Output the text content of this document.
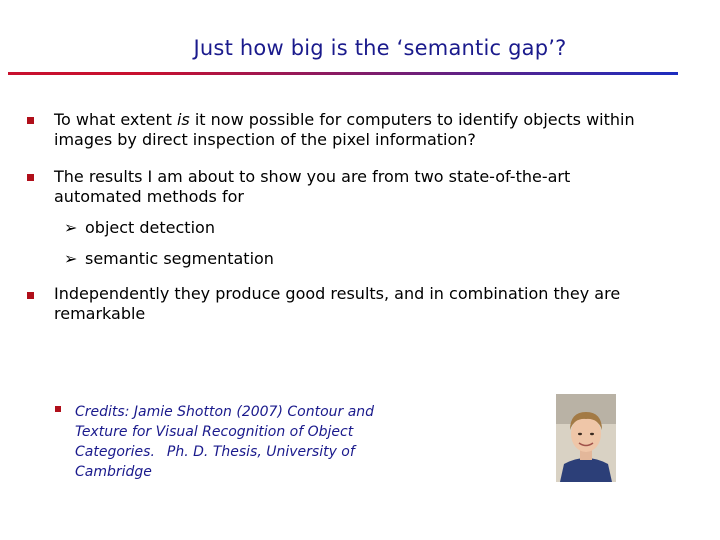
Just how big is the ‘semantic gap’?
To what extent is it now possible for computers to identify objects within
images by direct inspection of the pixel information?
The results I am about to show you are from two state-of-the-art
automated methods for
➢ object detection
➢ semantic segmentation
Independently they produce good results, and in combination they are
remarkable
Credits: Jamie Shotton (2007) Contour and
Texture for Visual Recognition of Object
Categories. Ph. D. Thesis, University of
Cambridge
